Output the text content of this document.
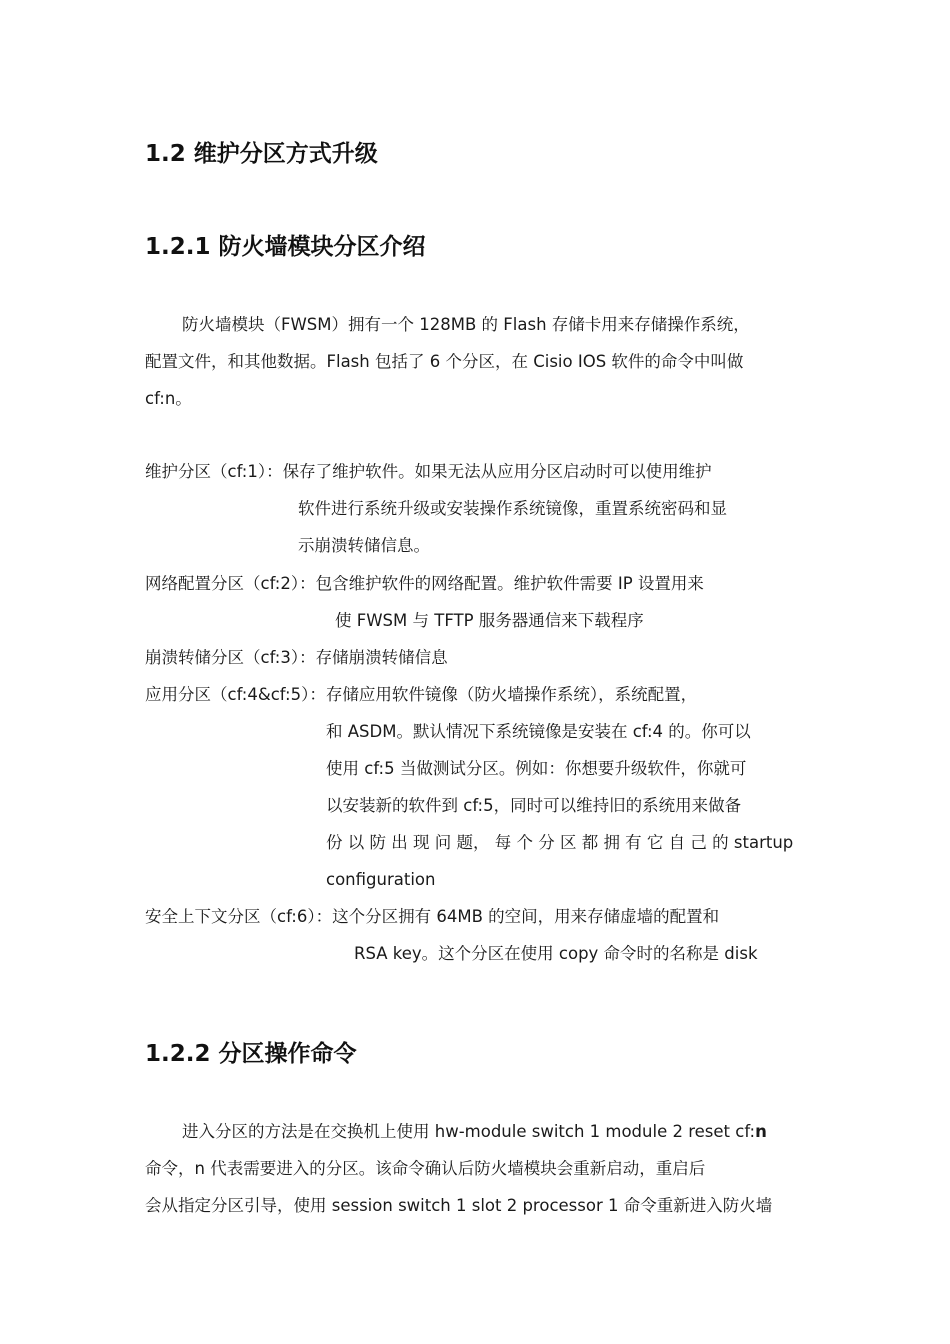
1.2 维护分区方式升级
1.2.1 防火墙模块分区介绍
防火墙模块（FWSM）拥有一个 128MB 的 Flash 存储卡用来存储操作系统，
配置文件，和其他数据。Flash 包括了 6 个分区，在 Cisio IOS 软件的命令中叫做
cf:n。
维护分区（cf:1）：保存了维护软件。如果无法从应用分区启动时可以使用维护
软件进行系统升级或安装操作系统镜像，重置系统密码和显
示崩溃转储信息。
网络配置分区（cf:2）：包含维护软件的网络配置。维护软件需要 IP 设置用来
使 FWSM 与 TFTP 服务器通信来下载程序
崩溃转储分区（cf:3）：存储崩溃转储信息
应用分区（cf:4&cf:5）：存储应用软件镜像（防火墙操作系统），系统配置，
和 ASDM。默认情况下系统镜像是安装在 cf:4 的。你可以
使用 cf:5 当做测试分区。例如：你想要升级软件，你就可
以安装新的软件到 cf:5，同时可以维持旧的系统用来做备
份 以 防 出 现 问 题， 每 个 分 区 都 拥 有 它 自 己 的 startup
configuration
安全上下文分区（cf:6）：这个分区拥有 64MB 的空间，用来存储虚墙的配置和
RSA key。这个分区在使用 copy 命令时的名称是 disk
1.2.2 分区操作命令
进入分区的方法是在交换机上使用 hw-module switch 1 module 2 reset cf:n
命令，n 代表需要进入的分区。该命令确认后防火墙模块会重新启动，重启后
会从指定分区引导，使用 session switch 1 slot 2 processor 1 命令重新进入防火墙
